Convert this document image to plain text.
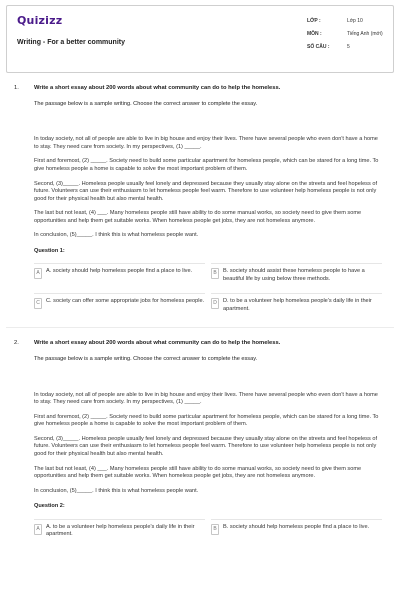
Quizizz
Writing - For a better community
LỚP :	Lớp 10
MÔN :	Tiếng Anh (mới)
SỐ CÂU :	5
1.	Write a short essay about 200 words about what community can do to help the homeless.
The passage below is a sample writing. Choose the correct answer to complete the essay.
In today society, not all of people are able to live in big house and enjoy their lives. There have several people who even don't have a home to stay. They need care from society. In my perspectives, (1) _____.
First and foremost, (2) _____. Society need to build some particular apartment for homeless people, which can be stared for a long time. To give homeless people a home is capable to solve the most important problem of them.
Second, (3)_____. Homeless people usually feel lonely and depressed because they usually stay alone on the streets and feel hopeless of future. Volunteers can use their enthusiasm to let homeless people feel warm. Therefore to use volunteer help homeless people is not only good for their physical health but also mental health.
The last but not least, (4) ___. Many homeless people still have ability to do some manual works, so society need to give them some opportunities and help them get suitable works. When homeless people get jobs, they are not homeless anymore.
In conclusion, (5)_____. I think this is what homeless people want.
Question 1:
A	A. society should help homeless people find a place to live.	B	B. society should assist these homeless people to have a beautiful life by using below three methods.
C	C. society can offer some appropriate jobs for homeless people.	D	D. to be a volunteer help homeless people's daily life in their apartment.
2.	Write a short essay about 200 words about what community can do to help the homeless.
The passage below is a sample writing. Choose the correct answer to complete the essay.
In today society, not all of people are able to live in big house and enjoy their lives. There have several people who even don't have a home to stay. They need care from society. In my perspectives, (1) _____.
First and foremost, (2) _____. Society need to build some particular apartment for homeless people, which can be stared for a long time. To give homeless people a home is capable to solve the most important problem of them.
Second, (3)_____. Homeless people usually feel lonely and depressed because they usually stay alone on the streets and feel hopeless of future. Volunteers can use their enthusiasm to let homeless people feel warm. Therefore to use volunteer help homeless people is not only good for their physical health but also mental health.
The last but not least, (4) ___. Many homeless people still have ability to do some manual works, so society need to give them some opportunities and help them get suitable works. When homeless people get jobs, they are not homeless anymore.
In conclusion, (5)_____. I think this is what homeless people want.
Question 2:
A	A. to be a volunteer help homeless people's daily life in their apartment.
B	B. society should help homeless people find a place to live.
